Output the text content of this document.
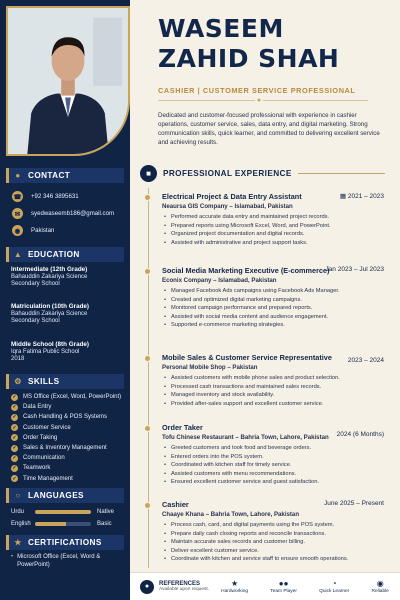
● CONTACT
☎ +92 346 3895631
✉	syedwaseemb186@gmail.com
◉	Pakistan
▲ EDUCATION
Intermediate (12th Grade)
Bahauddin Zakariya Science
Secondary School
Matriculation (10th Grade)
Bahauddin Zakariya Science
Secondary School
Middle School (8th Grade)
Iqra Fatima Public School
2018
⚙ SKILLS
✓ MS Office (Excel, Word, PowerPoint)
✓ Data Entry
✓ Cash Handling & POS Systems
✓ Customer Service
✓ Order Taking
✓ Sales & Inventory Management
✓ Communication
✓ Teamwork
✓ Time Management
○ LANGUAGES
Urdu	Native
English	Basic
★ CERTIFICATIONS
• Microsoft Office (Excel, Word & PowerPoint)
WASEEM
ZAHID SHAH
CASHIER | CUSTOMER SERVICE PROFESSIONAL
●
Dedicated and customer-focused professional with experience in cashier operations, customer service, sales, data entry, and digital marketing. Strong communication skills, quick learner, and committed to delivering excellent service and achieving results.
■	PROFESSIONAL EXPERIENCE
Electrical Project & Data Entry Assistant	▦ 2021 – 2023
Neaursa GIS Company – Islamabad, Pakistan
• Performed accurate data entry and maintained project records.
• Prepared reports using Microsoft Excel, Word, and PowerPoint.
• Organized project documentation and digital records.
• Assisted with administrative and project support tasks.
Social Media Marketing Executive (E-commerce)
Jan 2023 – Jul 2023
Econix Company – Islamabad, Pakistan
• Managed Facebook Ads campaigns using Facebook Ads Manager.
• Created and optimized digital marketing campaigns.
• Monitored campaign performance and prepared reports.
• Assisted with social media content and audience engagement.
• Supported e-commerce marketing strategies.
Mobile Sales & Customer Service Representative	2023 – 2024
Personal Mobile Shop – Pakistan
• Assisted customers with mobile phone sales and product selection.
• Processed cash transactions and maintained sales records.
• Managed inventory and stock availability.
• Provided after-sales support and excellent customer service.
Order Taker
2024 (6 Months)
Tofu Chinese Restaurant – Bahria Town, Lahore, Pakistan
• Greeted customers and took food and beverage orders.
• Entered orders into the POS system.
• Coordinated with kitchen staff for timely service.
• Assisted customers with menu recommendations.
• Ensured excellent customer service and guest satisfaction.
Cashier	June 2025 – Present
Chaaye Khana – Bahria Town, Lahore, Pakistan
• Process cash, card, and digital payments using the POS system.
• Prepare daily cash closing reports and reconcile transactions.
• Maintain accurate sales records and customer billing.
• Deliver excellent customer service.
• Coordinate with kitchen and service staff to ensure smooth operations.
●	REFERENCES
Available upon request.
★
Hardworking
●●
Team Player
◔
Quick Learner
◉
Reliable
